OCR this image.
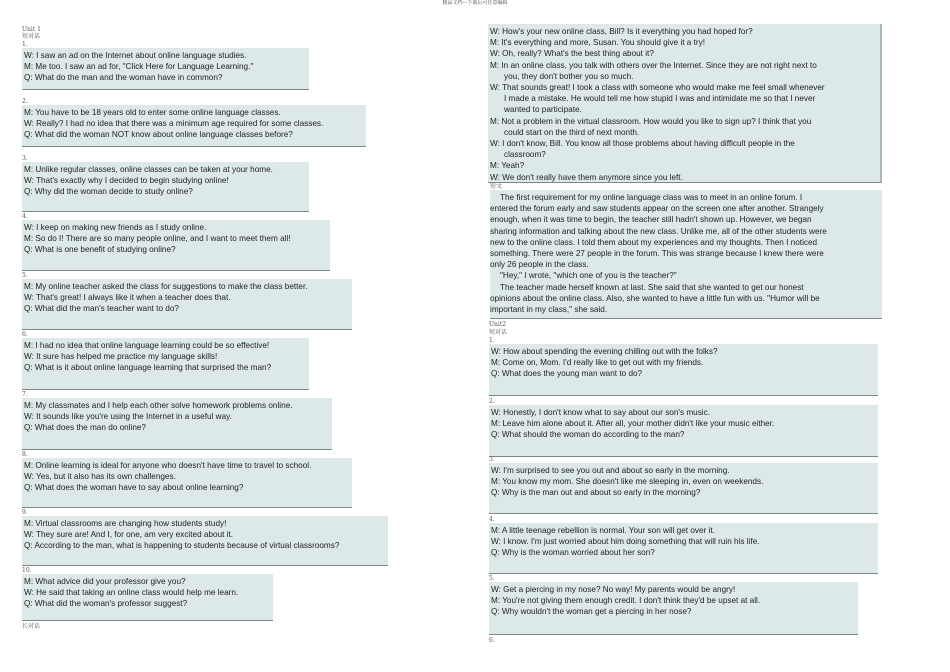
精品文档---下载后可任意编辑
Unit 1
短对话
1.
W: I saw an ad on the Internet about online language studies.
M: Me too. I saw an ad for, "Click Here for Language Learning."
Q: What do the man and the woman have in common?
2.
M: You have to be 18 years old to enter some online language classes.
W: Really? I had no idea that there was a minimum age required for some classes.
Q: What did the woman NOT know about online language classes before?
3.
M: Unlike regular classes, online classes can be taken at your home.
W: That's exactly why I decided to begin studying online!
Q: Why did the woman decide to study online?
4.
W: I keep on making new friends as I study online.
M: So do I! There are so many people online, and I want to meet them all!
Q: What is one benefit of studying online?
5.
M: My online teacher asked the class for suggestions to make the class better.
W: That's great! I always like it when a teacher does that.
Q: What did the man's teacher want to do?
6.
M: I had no idea that online language learning could be so effective!
W: It sure has helped me practice my language skills!
Q: What is it about online language learning that surprised the man?
7.
M: My classmates and I help each other solve homework problems online.
W: It sounds like you're using the Internet in a useful way.
Q: What does the man do online?
8.
M: Online learning is ideal for anyone who doesn't have time to travel to school.
W: Yes, but it also has its own challenges.
Q: What does the woman have to say about online learning?
9.
M: Virtual classrooms are changing how students study!
W: They sure are! And I, for one, am very excited about it.
Q: According to the man, what is happening to students because of virtual classrooms?
10.
M: What advice did your professor give you?
W: He said that taking an online class would help me learn.
Q: What did the woman's professor suggest?
长对话
W: How's your new online class, Bill? Is it everything you had hoped for?
M: It's everything and more, Susan. You should give it a try!
W: Oh, really? What's the best thing about it?
M: In an online class, you talk with others over the Internet. Since they are not right next to
you, they don't bother you so much.
W: That sounds great! I took a class with someone who would make me feel small whenever
I made a mistake. He would tell me how stupid I was and intimidate me so that I never
wanted to participate.
M: Not a problem in the virtual classroom. How would you like to sign up? I think that you
could start on the third of next month.
W: I don't know, Bill. You know all those problems about having difficult people in the
classroom?
M: Yeah?
W: We don't really have them anymore since you left.
短文
The first requirement for my online language class was to meet in an online forum. I
entered the forum early and saw students appear on the screen one after another. Strangely
enough, when it was time to begin, the teacher still hadn't shown up. However, we began
sharing information and talking about the new class. Unlike me, all of the other students were
new to the online class. I told them about my experiences and my thoughts. Then I noticed
something. There were 27 people in the forum. This was strange because I knew there were
only 26 people in the class.
"Hey," I wrote, "which one of you is the teacher?"
The teacher made herself known at last. She said that she wanted to get our honest
opinions about the online class. Also, she wanted to have a little fun with us. "Humor will be
important in my class," she said.
Unit2
短对话
1.
W: How about spending the evening chilling out with the folks?
M: Come on, Mom. I'd really like to get out with my friends.
Q: What does the young man want to do?
2.
W: Honestly, I don't know what to say about our son's music.
M: Leave him alone about it. After all, your mother didn't like your music either.
Q: What should the woman do according to the man?
3.
W: I'm surprised to see you out and about so early in the morning.
M: You know my mom. She doesn't like me sleeping in, even on weekends.
Q: Why is the man out and about so early in the morning?
4.
M: A little teenage rebellion is normal. Your son will get over it.
W: I know. I'm just worried about him doing something that will ruin his life.
Q: Why is the woman worried about her son?
5.
W: Get a piercing in my nose? No way! My parents would be angry!
M: You're not giving them enough credit. I don't think they'd be upset at all.
Q: Why wouldn't the woman get a piercing in her nose?
6.
